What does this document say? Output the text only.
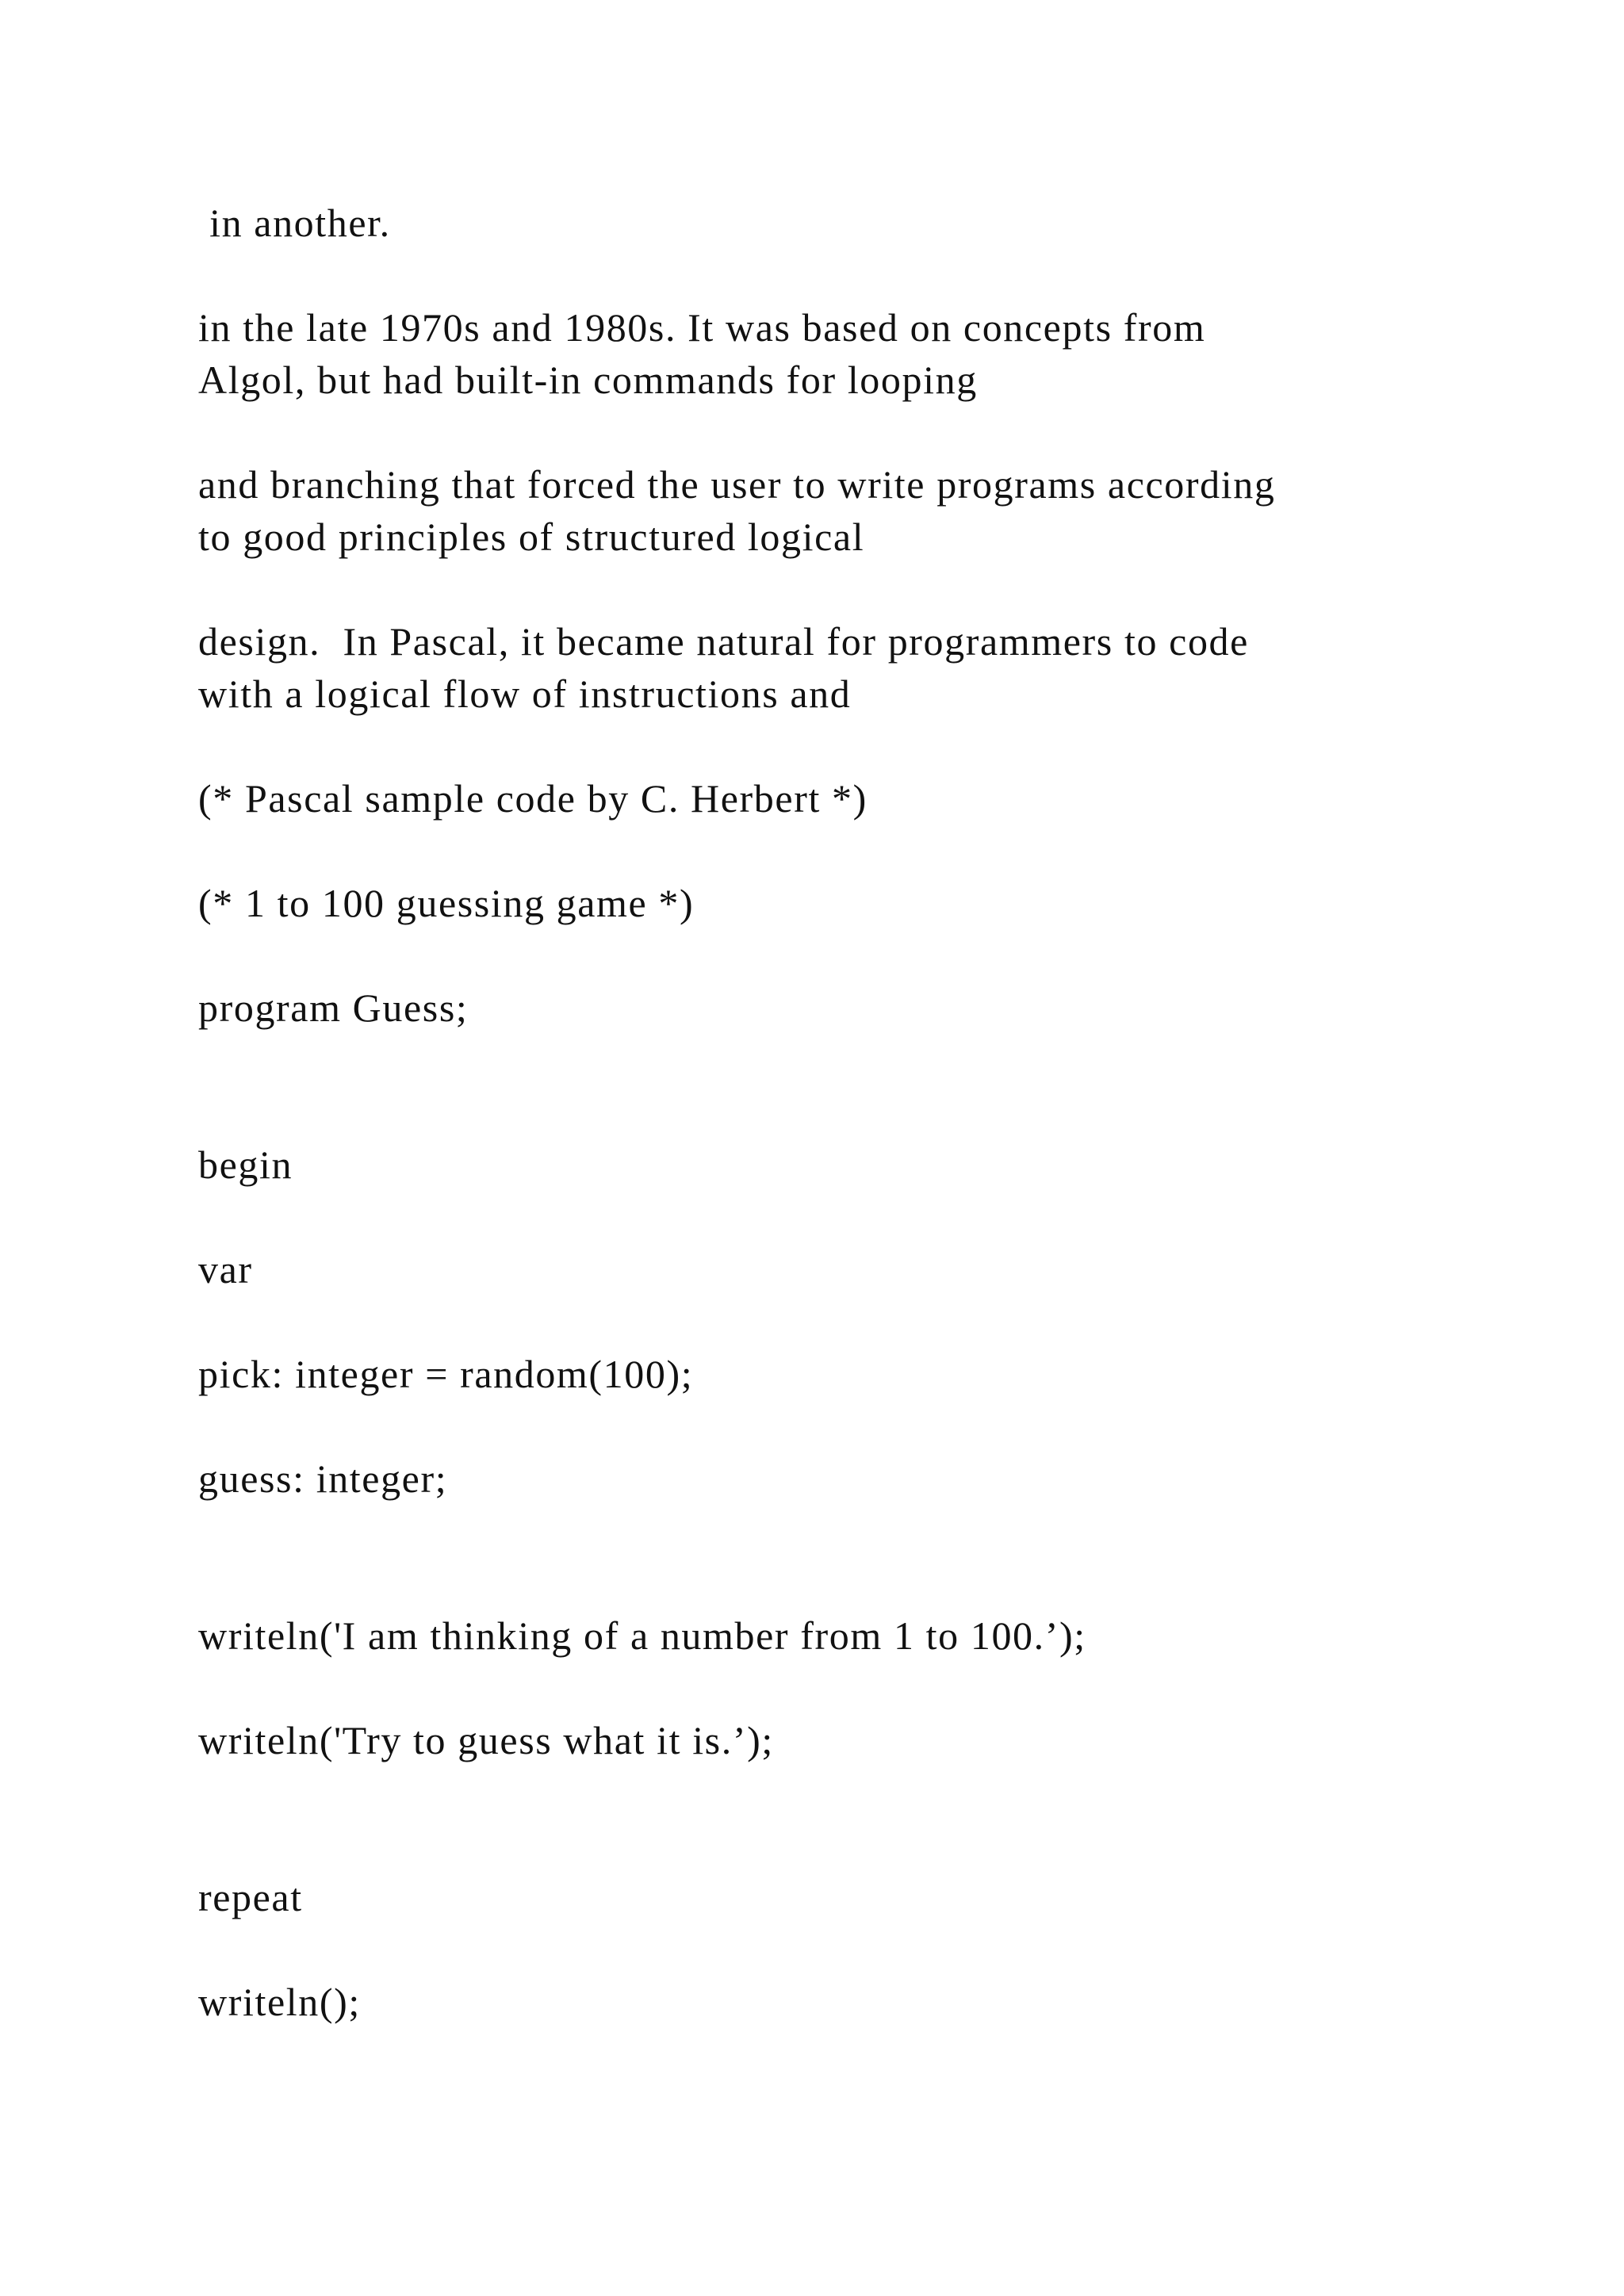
in another.

in the late 1970s and 1980s. It was based on concepts from

Algol, but had built-in commands for looping

and branching that forced the user to write programs according

to good principles of structured logical

design.  In Pascal, it became natural for programmers to code

with a logical flow of instructions and

(* Pascal sample code by C. Herbert *)

(* 1 to 100 guessing game *)

program Guess;

begin

var

pick: integer = random(100);

guess: integer;

writeln('I am thinking of a number from 1 to 100.’);

writeln('Try to guess what it is.’);

repeat

writeln();
